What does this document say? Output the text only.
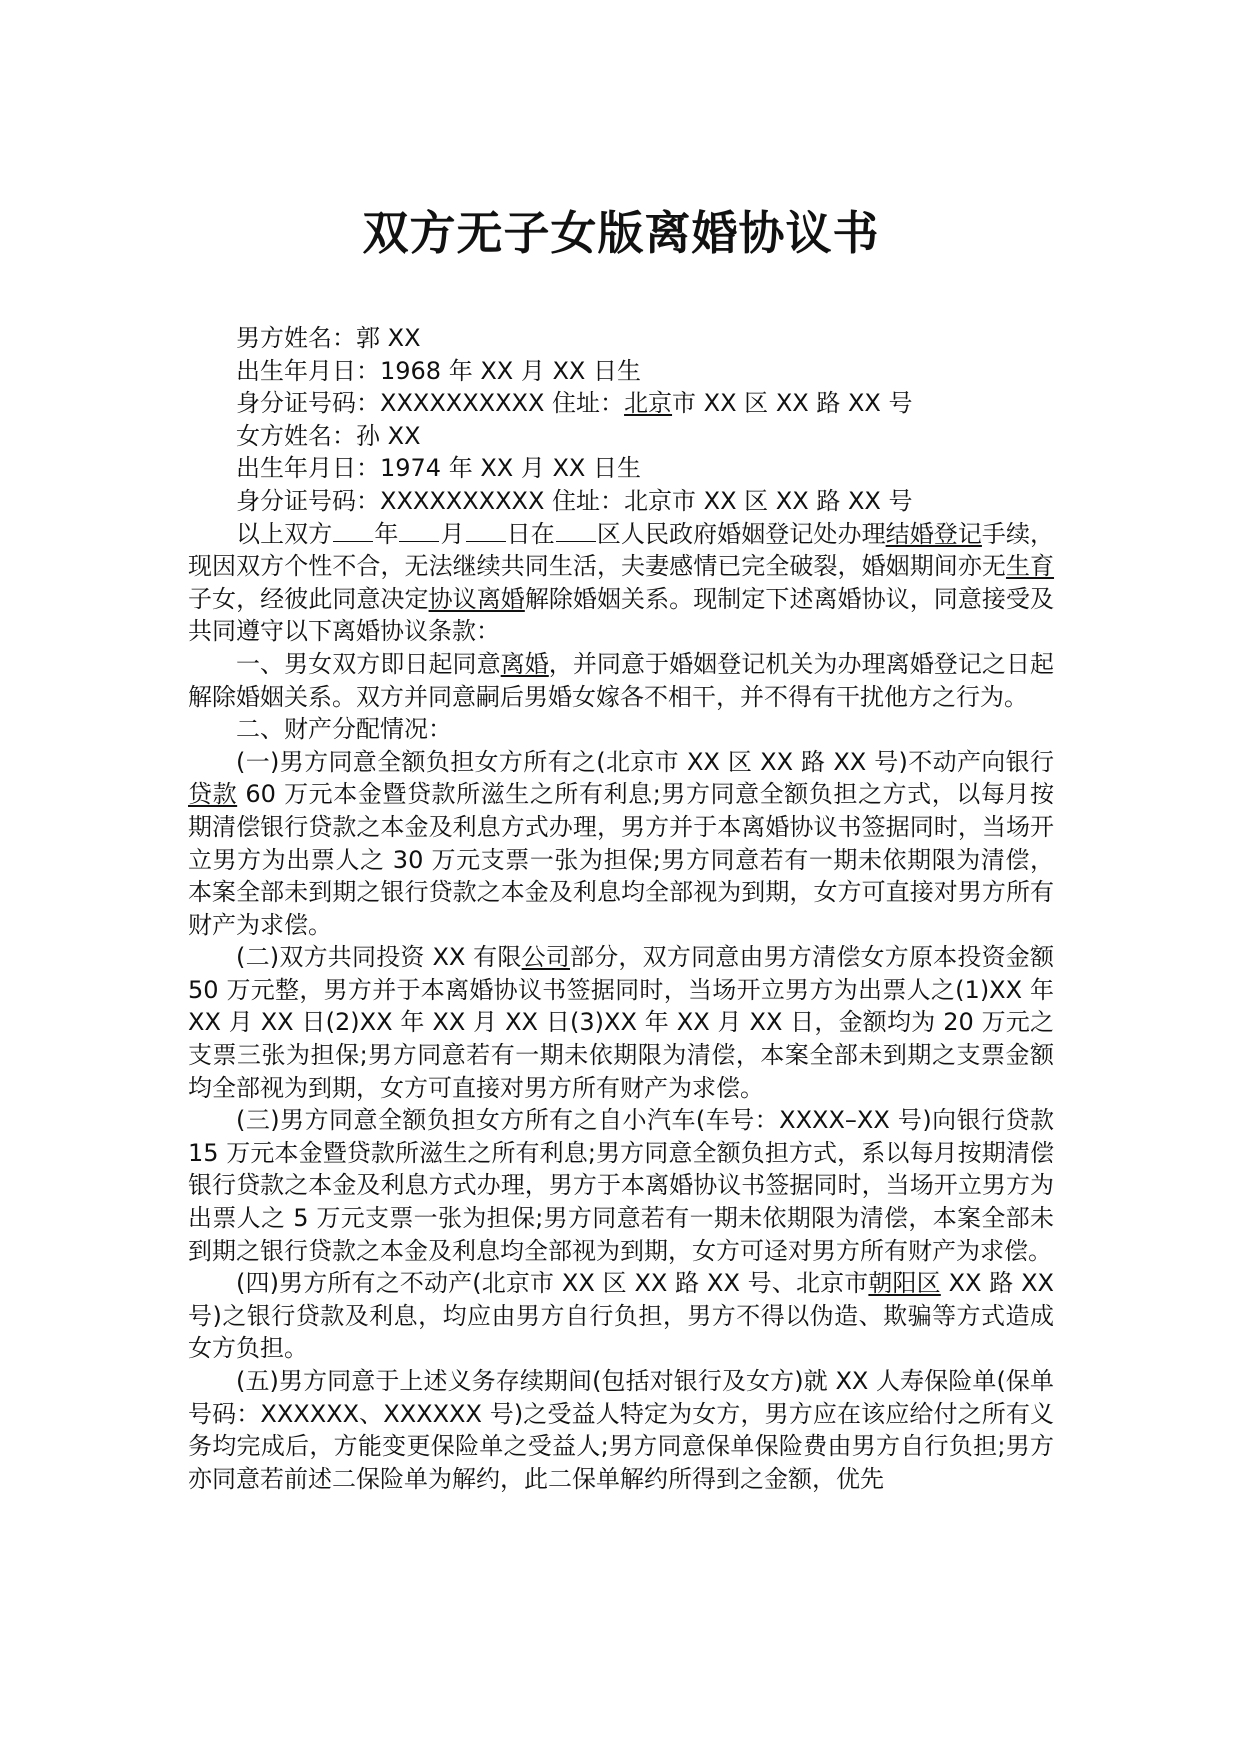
双方无子女版离婚协议书

男方姓名：郭 XX

出生年月日：1968 年 XX 月 XX 日生

身分证号码：XXXXXXXXXX 住址：北京市 XX 区 XX 路 XX 号

女方姓名：孙 XX

出生年月日：1974 年 XX 月 XX 日生

身分证号码：XXXXXXXXXX 住址：北京市 XX 区 XX 路 XX 号

以上双方 年 月 日在 区人民政府婚姻登记处办理结婚登记手续，现因双方个性不合，无法继续共同生活，夫妻感情已完全破裂，婚姻期间亦无生育子女，经彼此同意决定协议离婚解除婚姻关系。现制定下述离婚协议，同意接受及共同遵守以下离婚协议条款：

一、男女双方即日起同意离婚，并同意于婚姻登记机关为办理离婚登记之日起解除婚姻关系。双方并同意嗣后男婚女嫁各不相干，并不得有干扰他方之行为。

二、财产分配情况：

(一)男方同意全额负担女方所有之(北京市 XX 区 XX 路 XX 号)不动产向银行贷款 60 万元本金暨贷款所滋生之所有利息;男方同意全额负担之方式，以每月按期清偿银行贷款之本金及利息方式办理，男方并于本离婚协议书签据同时，当场开立男方为出票人之 30 万元支票一张为担保;男方同意若有一期未依期限为清偿，本案全部未到期之银行贷款之本金及利息均全部视为到期，女方可直接对男方所有财产为求偿。

(二)双方共同投资 XX 有限公司部分，双方同意由男方清偿女方原本投资金额 50 万元整，男方并于本离婚协议书签据同时，当场开立男方为出票人之(1)XX 年 XX 月 XX 日(2)XX 年 XX 月 XX 日(3)XX 年 XX 月 XX 日，金额均为 20 万元之支票三张为担保;男方同意若有一期未依期限为清偿，本案全部未到期之支票金额均全部视为到期，女方可直接对男方所有财产为求偿。

(三)男方同意全额负担女方所有之自小汽车(车号：XXXX–XX 号)向银行贷款 15 万元本金暨贷款所滋生之所有利息;男方同意全额负担方式，系以每月按期清偿银行贷款之本金及利息方式办理，男方于本离婚协议书签据同时，当场开立男方为出票人之 5 万元支票一张为担保;男方同意若有一期未依期限为清偿，本案全部未到期之银行贷款之本金及利息均全部视为到期，女方可迳对男方所有财产为求偿。

(四)男方所有之不动产(北京市 XX 区 XX 路 XX 号、北京市朝阳区 XX 路 XX 号)之银行贷款及利息，均应由男方自行负担，男方不得以伪造、欺骗等方式造成女方负担。

(五)男方同意于上述义务存续期间(包括对银行及女方)就 XX 人寿保险单(保单号码：XXXXXX、XXXXXX 号)之受益人特定为女方，男方应在该应给付之所有义务均完成后，方能变更保险单之受益人;男方同意保单保险费由男方自行负担;男方亦同意若前述二保险单为解约，此二保单解约所得到之金额，优先
